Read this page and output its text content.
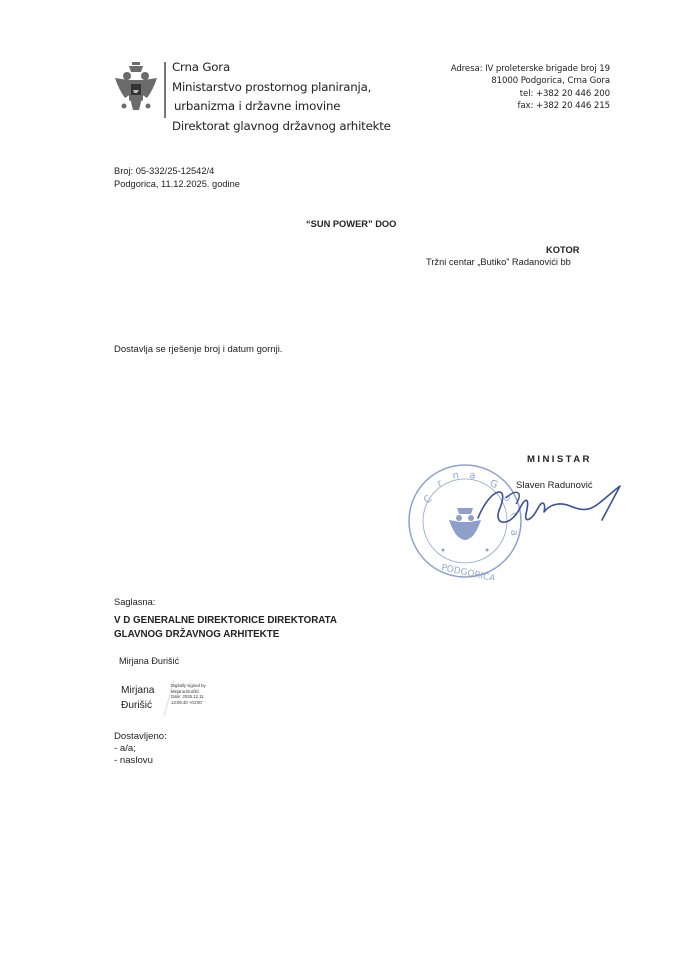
Crna Gora
Ministarstvo prostornog planiranja,
urbanizma i državne imovine
Direktorat glavnog državnog arhitekte
Adresa: IV proleterske brigade broj 19
81000 Podgorica, Crna Gora
tel: +382 20 446 200
fax: +382 20 446 215
Broj: 05-332/25-12542/4
Podgorica, 11.12.2025. godine
“SUN POWER” DOO
KOTOR
Tržni centar „Butiko” Radanovići bb
Dostavlja se rješenje broj i datum gornji.
MINISTAR
C
r
n a
G
o
r
a
PODGORICA
Slaven Radunović
Saglasna:
V D GENERALNE DIREKTORICE DIREKTORATA
GLAVNOG DRŽAVNOG ARHITEKTE
Mirjana Đurišić
Mirjana
Đurišić
Digitally signed by
Mirjana Đurišić
Date: 2025.12.11
13:05:40 +01'00'
Dostavljeno:
- a/a;
- naslovu
